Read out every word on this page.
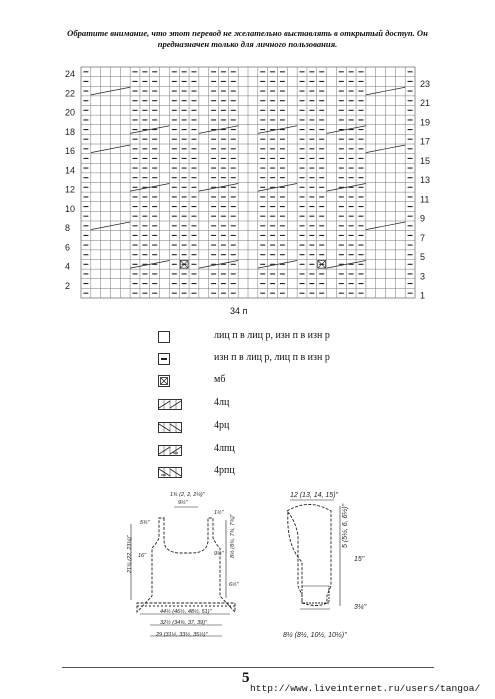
Обратите внимание, что этот перевод не желательно выставлять в открытый доступ. Он
предназначен только для личного пользования.
24
22
20
18
16
14
12
10
8
6
4
2
23
21
19
17
15
13
11
9
7
5
3
1
34 п
лиц п в лиц р, изн п в изн р
изн п в лиц р, лиц п в изн р
мб
4лц
4рц
4лпц
4рпц
1¾ (2, 2, 2¼)"
9½"
1½"
5¾"
21¾ (22, 23¼)" 16"	8½ (8¾, 7¾, 7¾)"
9½"
6½"
44½ (46½, 48½, 51)"
32½ (34¾, 37, 39)"
29 (31½, 33½, 35½)"
12 (13, 14, 15)"
5 (5½, 6, 6½)"
15"
3¼"
8½ (8½, 10½, 10½)"
5
http://www.liveinternet.ru/users/tangoa/
